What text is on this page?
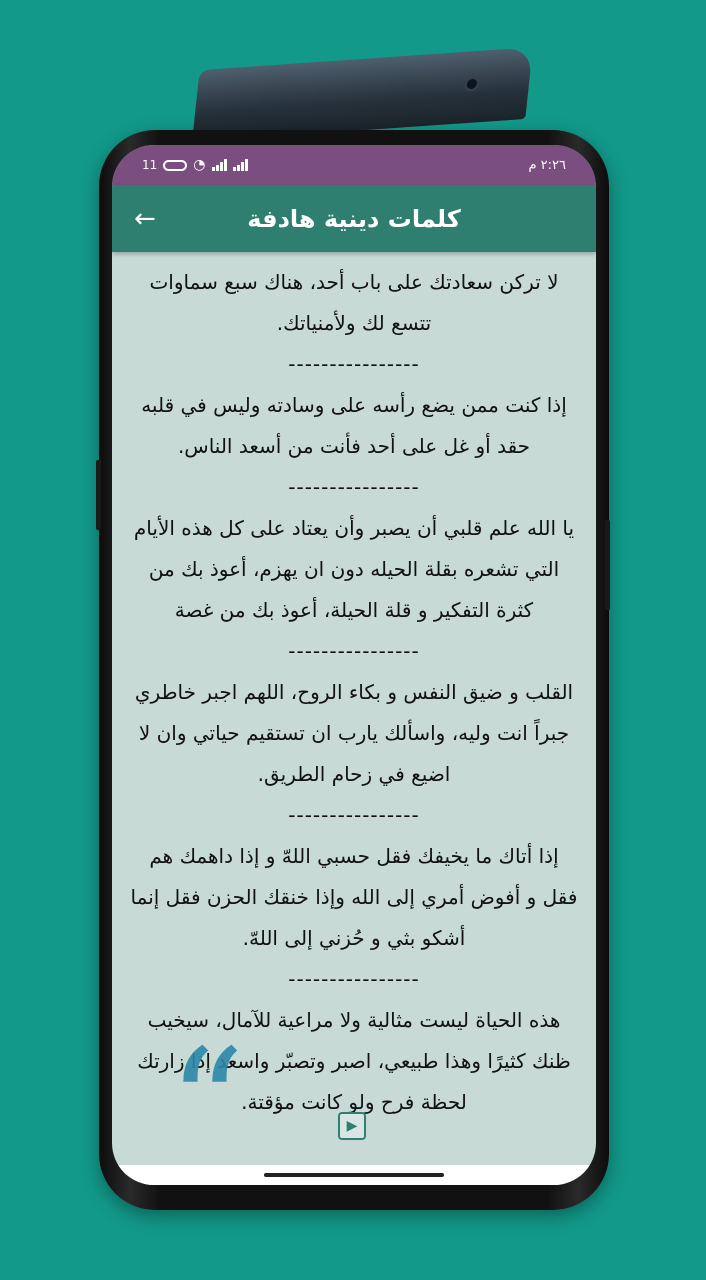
11	◔	٢:٢٦ م
←	كلمات دينية هادفة

لا تركن سعادتك على باب أحد، هناك سبع سماوات تتسع لك ولأمنياتك.

----------------

إذا كنت ممن يضع رأسه على وسادته وليس في قلبه حقد أو غل على أحد فأنت من أسعد الناس.

----------------

يا الله علم قلبي أن يصبر وأن يعتاد على كل هذه الأيام التي تشعره بقلة الحيله دون ان يهزم، أعوذ بك من كثرة التفكير و قلة الحيلة، أعوذ بك من غصة

----------------

القلب و ضيق النفس و بكاء الروح، اللهم اجبر خاطري جبراً انت وليه، واسألك يارب ان تستقيم حياتي وان لا اضيع في زحام الطريق.

----------------

إذا أتاك ما يخيفك فقل حسبي اللهّ و إذا داهمك هم فقل و أفوض أمري إلى الله وإذا خنقك الحزن فقل إنما أشكو بثي و حُزني إلى اللهّ.

----------------

هذه الحياة ليست مثالية ولا مراعية للآمال، سيخيب ظنك كثيرًا وهذا طبيعي، اصبر وتصبّر واسعد إذا زارتك لحظة فرح ولو كانت مؤقتة.

“	▶
